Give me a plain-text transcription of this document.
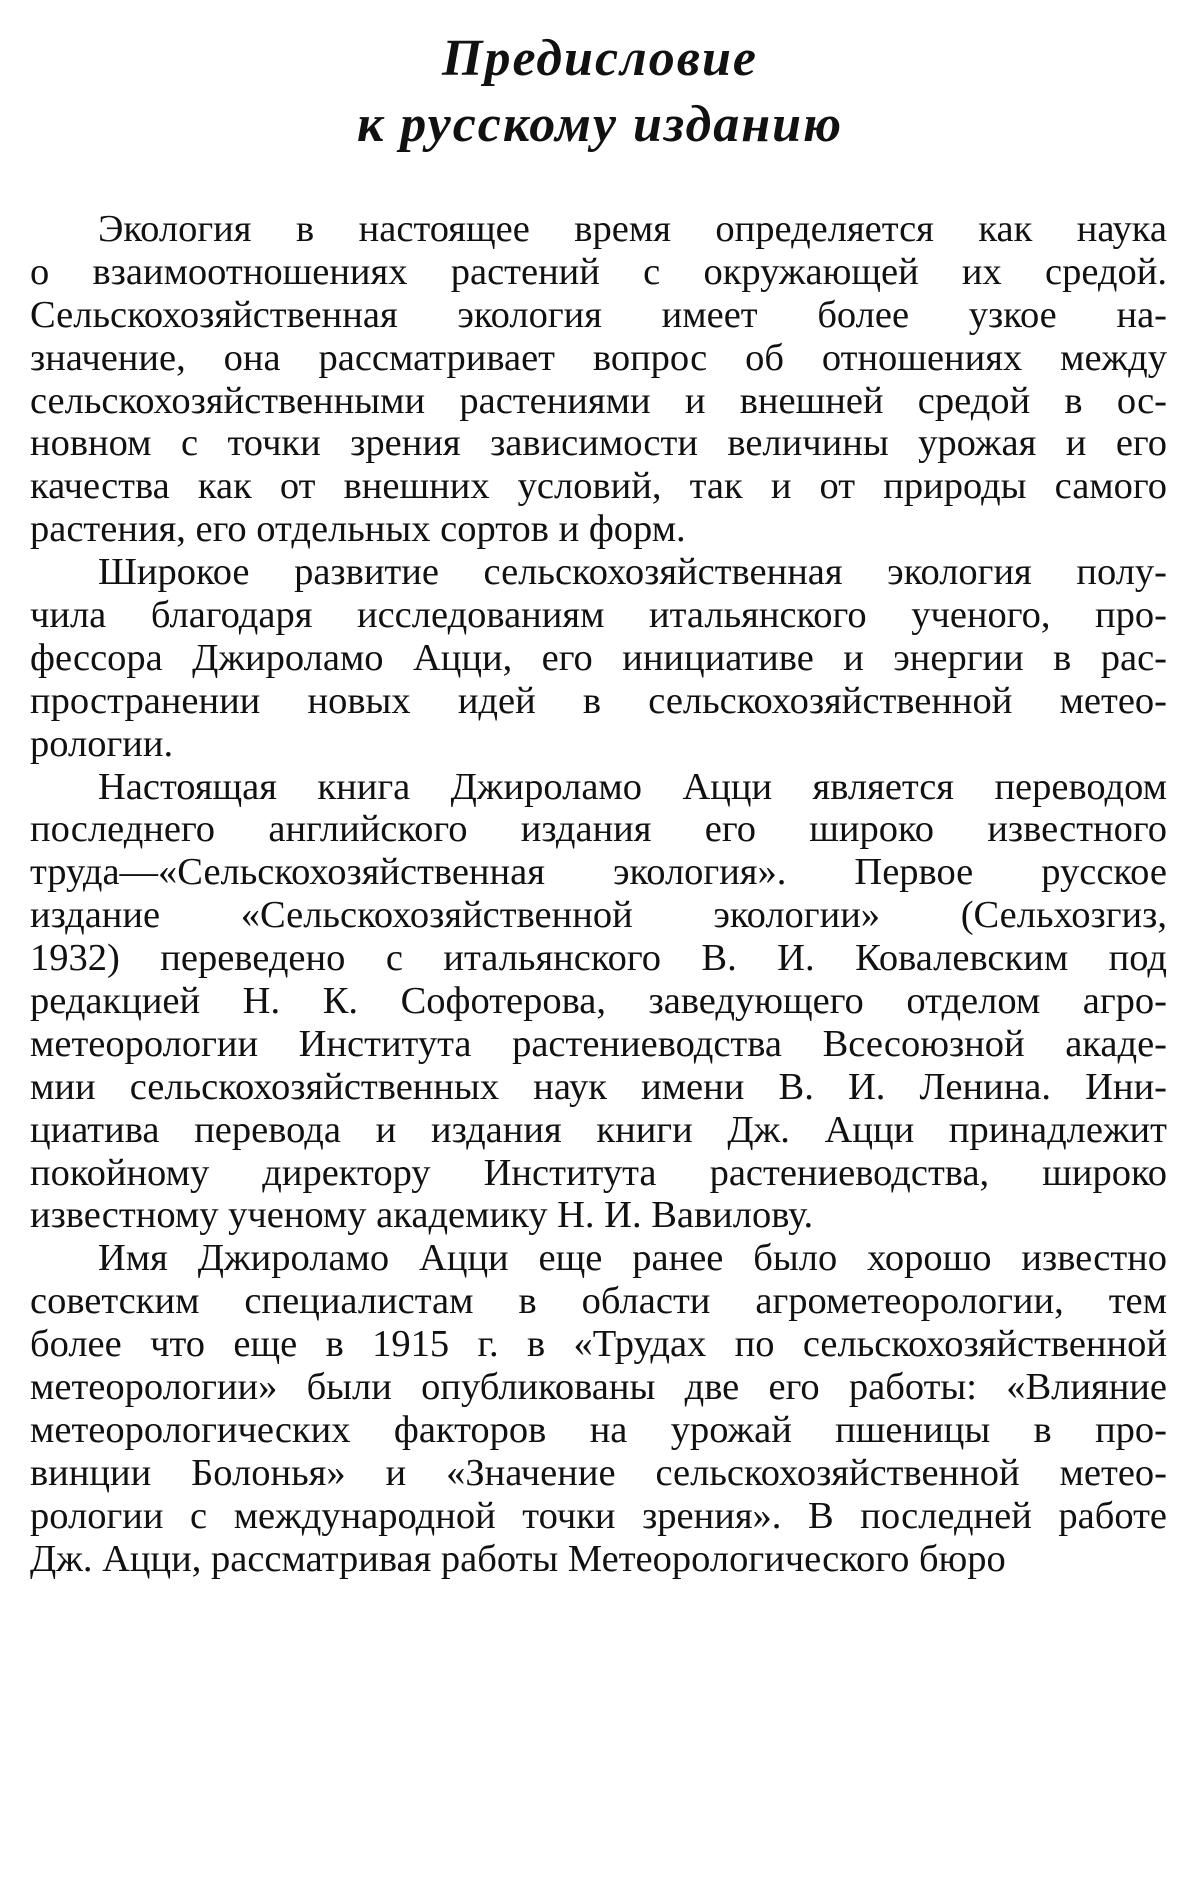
Предисловие
к русскому изданию
Экология в настоящее время определяется как наука
о взаимоотношениях растений с окружающей их средой.
Сельскохозяйственная экология имеет более узкое на-
значение, она рассматривает вопрос об отношениях между
сельскохозяйственными растениями и внешней средой в ос-
новном с точки зрения зависимости величины урожая и его
качества как от внешних условий, так и от природы самого
растения, его отдельных сортов и форм.
Широкое развитие сельскохозяйственная экология полу-
чила благодаря исследованиям итальянского ученого, про-
фессора Джироламо Ацци, его инициативе и энергии в рас-
пространении новых идей в сельскохозяйственной метео-
рологии.
Настоящая книга Джироламо Ацци является переводом
последнего английского издания его широко известного
труда—«Сельскохозяйственная экология». Первое русское
издание «Сельскохозяйственной экологии» (Сельхозгиз,
1932) переведено с итальянского В. И. Ковалевским под
редакцией Н. К. Софотерова, заведующего отделом агро-
метеорологии Института растениеводства Всесоюзной акаде-
мии сельскохозяйственных наук имени В. И. Ленина. Ини-
циатива перевода и издания книги Дж. Ацци принадлежит
покойному директору Института растениеводства, широко
известному ученому академику Н. И. Вавилову.
Имя Джироламо Ацци еще ранее было хорошо известно
советским специалистам в области агрометеорологии, тем
более что еще в 1915 г. в «Трудах по сельскохозяйственной
метеорологии» были опубликованы две его работы: «Влияние
метеорологических факторов на урожай пшеницы в про-
винции Болонья» и «Значение сельскохозяйственной метео-
рологии с международной точки зрения». В последней работе
Дж. Ацци, рассматривая работы Метеорологического бюро
